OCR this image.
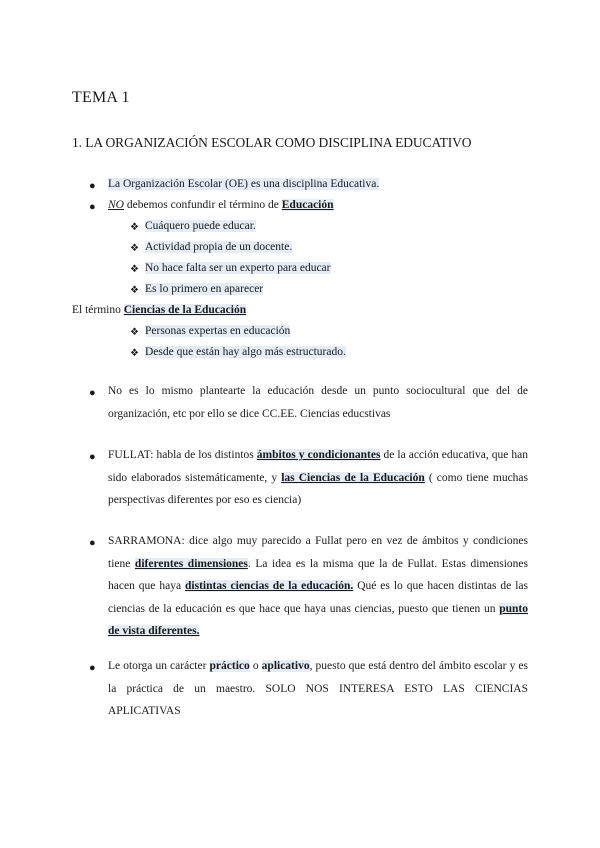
TEMA 1
1. LA ORGANIZACIÓN ESCOLAR COMO DISCIPLINA EDUCATIVO
● La Organización Escolar (OE) es una disciplina Educativa.
● NO debemos confundir el término de Educación
❖ Cuáquero puede educar.
❖ Actividad propia de un docente.
❖ No hace falta ser un experto para educar
❖ Es lo primero en aparecer
El término Ciencias de la Educación
❖ Personas expertas en educación
❖ Desde que están hay algo más estructurado.
● No es lo mismo plantearte la educación desde un punto sociocultural que del de organización, etc por ello se dice CC.EE. Ciencias educstivas
● FULLAT: habla de los distintos ámbitos y condicionantes de la acción educativa, que han sido elaborados sistemáticamente, y las Ciencias de la Educación ( como tiene muchas perspectivas diferentes por eso es ciencia)
● SARRAMONA: dice algo muy parecido a Fullat pero en vez de ámbitos y condiciones tiene diferentes dimensiones. La idea es la misma que la de Fullat. Estas dimensiones hacen que haya distintas ciencias de la educación. Qué es lo que hacen distintas de las ciencias de la educación es que hace que haya unas ciencias, puesto que tienen un punto de vista diferentes.
● Le otorga un carácter práctico o aplicativo, puesto que está dentro del ámbito escolar y es la práctica de un maestro. SOLO NOS INTERESA ESTO LAS CIENCIAS APLICATIVAS
